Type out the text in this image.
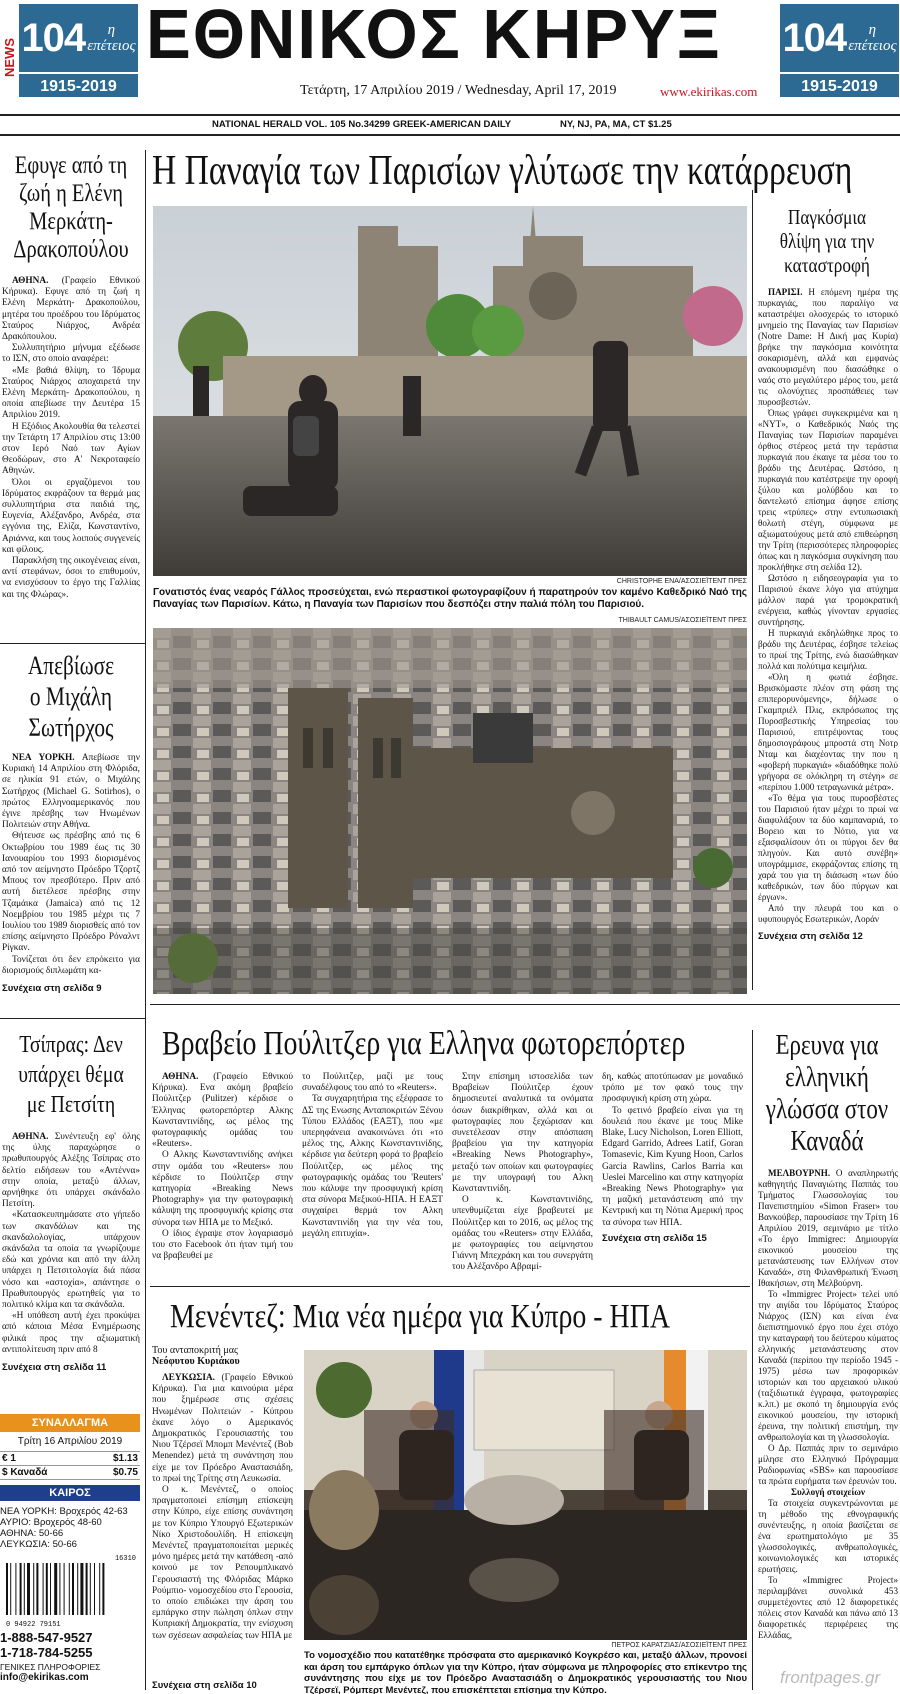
NEWS 104 η
επέτειος
1915-2019
ΕΘΝΙΚΟΣ ΚΗΡΥΞ	104 η
επέτειος
1915-2019
Τετάρτη, 17 Απριλίου 2019 / Wednesday, April 17, 2019	www.ekirikas.com
NATIONAL HERALD VOL. 105 No.34299 GREEK-AMERICAN DAILY	NY, NJ, PA, MA, CT $1.25
Εφυγε από τη ζωή η Ελένη Μερκάτη-Δρακοπούλου

ΑΘΗΝΑ. (Γραφείο Εθνικού Κήρυκα). Εφυγε από τη ζωή η Ελένη Μερκάτη- Δρακοπούλου, μητέρα του προέδρου του Ιδρύματος Σταύρος Νιάρχος, Ανδρέα Δρακόπουλου.

Συλλυπητήριο μήνυμα εξέδωσε το ΙΣΝ, στο οποίο αναφέρει:

«Με βαθιά θλίψη, το Ίδρυμα Σταύρος Νιάρχος αποχαιρετά την Ελένη Μερκάτη- Δρακοπούλου, η οποία απεβίωσε την Δευτέρα 15 Απριλίου 2019.

Η Εξόδιος Ακολουθία θα τελεστεί την Τετάρτη 17 Απριλίου στις 13:00 στον Ιερό Ναό των Αγίων Θεοδώρων, στο Α' Νεκροταφείο Αθηνών.

Όλοι οι εργαζόμενοι του Ιδρύματος εκφράζουν τα θερμά μας συλλυπητήρια στα παιδιά της, Ευγενία, Αλέξανδρο, Ανδρέα, στα εγγόνια της, Ελίζα, Κωνσταντίνο, Αριάννα, και τους λοιπούς συγγενείς και φίλους.

Παρακλήση της οικογένειας είναι, αντί στεφάνων, όσοι το επιθυμούν, να ενισχύσουν το έργο της Γαλλίας και της Φλώρας».

Απεβίωσε ο Μιχάλη Σωτήρχος

ΝΕΑ ΥΟΡΚΗ. Απεβίωσε την Κυριακή 14 Απριλίου στη Φλόριδα, σε ηλικία 91 ετών, ο Μιχάλης Σωτήρχος (Michael G. Sotirhos), ο πρώτος Ελληνοαμερικανός που έγινε πρέσβης των Ηνωμένων Πολιτειών στην Αθήνα.

Θήτευσε ως πρέσβης από τις 6 Οκτωβρίου του 1989 έως τις 30 Ιανουαρίου του 1993 διορισμένος από τον αείμνηστο Πρόεδρο Τζορτζ Μπους τον πρεσβύτερο. Πριν από αυτή διετέλεσε πρέσβης στην Τζαμάικα (Jamaica) από τις 12 Νοεμβρίου του 1985 μέχρι τις 7 Ιουλίου του 1989 διορισθείς από τον επίσης αείμνηστο Πρόεδρο Ρόναλντ Ρίγκαν.

Τονίζεται ότι δεν επρόκειτο για διορισμούς διπλωμάτη κα-

Συνέχεια στη σελίδα 9
Τσίπρας: Δεν υπάρχει θέμα με Πετσίτη

ΑΘΗΝΑ. Συνέντευξη εφ' όλης της ύλης παραχώρησε ο πρωθυπουργός Αλέξης Τσίπρας στο δελτίο ειδήσεων του «Αντέννα» στην οποία, μεταξύ άλλων, αρνήθηκε ότι υπάρχει σκάνδαλο Πετσίτη.

«Κατασκευπημάσατε στο γήπεδο των σκανδάλων και της σκανδαλολογίας, υπάρχουν σκάνδαλα τα οποία τα γνωρίζουμε εδώ και χρόνια και από την άλλη υπάρχει η Πετσιτολογία διά πάσα νόσο και «αστοχία», απάντησε ο Πρωθυπουργός ερωτηθείς για το πολιτικό κλίμα και τα σκάνδαλα.

«Η υπόθεση αυτή έχει προκύψει από κάποια Μέσα Ενημέρωσης φιλικά προς την αξιωματική αντιπολίτευση πριν από 8

Συνέχεια στη σελίδα 11
ΣΥΝΑΛΛΑΓΜΑ
Τρίτη 16 Απριλίου 2019
€ 1	$1.13
$ Καναδά	$0.75
ΚΑΙΡΟΣ
ΝΕΑ ΥΟΡΚΗ: Βροχερός 42-63
ΑΥΡΙΟ: Βροχερός 48-60
ΑΘΗΝΑ: 50-66
ΛΕΥΚΩΣΙΑ: 50-66
16310
0 94922 79151
1-888-547-9527
1-718-784-5255
ΓΕΝΙΚΕΣ ΠΛΗΡΟΦΟΡΙΕΣ
info@ekirikas.com
Η Παναγία των Παρισίων γλύτωσε την κατάρρευση
CHRISTOPHE ENA/ΑΣΟΣΙΕΪΤΕΝΤ ΠΡΕΣ
Γονατιστός ένας νεαρός Γάλλος προσεύχεται, ενώ περαστικοί φωτογραφίζουν ή παρατηρούν τον καμένο Καθεδρικό Ναό της Παναγίας των Παρισίων. Κάτω, η Παναγία των Παρισίων που δεσπόζει στην παλιά πόλη του Παρισιού.
THIBAULT CAMUS/ΑΣΟΣΙΕΪΤΕΝΤ ΠΡΕΣ
Παγκόσμια θλίψη για την καταστροφή

ΠΑΡΙΣΙ. Η επόμενη ημέρα της πυρκαγιάς, που παραλίγο να καταστρέψει ολοσχερώς το ιστορικό μνημείο της Παναγίας των Παρισίων (Notre Dame: Η Δική μας Κυρία) βρήκε την παγκόσμια κοινότητα σοκαρισμένη, αλλά και εμφανώς ανακουφισμένη που διασώθηκε ο ναός στο μεγαλύτερο μέρος του, μετά τις ολονύχτιες προσπάθειες των πυροσβεστών.

Όπως γράφει συγκεκριμένα και η «ΝΥΤ», ο Καθεδρικός Ναός της Παναγίας των Παρισίων παραμένει όρθιος στέρεος μετά την τεράστια πυρκαγιά που έκαιγε τα μέσα του το βράδυ της Δευτέρας. Ωστόσο, η πυρκαγιά που κατέστρεψε την οροφή ξύλου και μολύβδου και το δαντελωτό επίσημα άφησε επίσης τρεις «τρύπες» στην εντυπωσιακή θολωτή στέγη, σύμφωνα με αξιωματούχους μετά από επιθεώρηση την Τρίτη (περισσότερες πληροφορίες όπως και η παγκόσμια συγκίνηση που προκλήθηκε στη σελίδα 12).

Ωστόσο η ειδησεογραφία για το Παρισιού έκανε λόγο για ατύχημα μάλλον παρά για τρομοκρατική ενέργεια, καθώς γίνονταν εργασίες συντήρησης.

Η πυρκαγιά εκδηλώθηκε προς το βράδυ της Δευτέρας, έσβησε τελείως το πρωί της Τρίτης, ενώ διασώθηκαν πολλά και πολύτιμα κειμήλια.

«Όλη η φωτιά έσβησε. Βρισκόμαστε πλέον στη φάση της επιπερορυνόμενης», δήλωσε ο Γκαμπριέλ Πλις, εκπρόσωπος της Πυροσβεστικής Υπηρεσίας του Παρισιού, επιτρέψοντας τους δημοσιογράφους μπροστά στη Νοτρ Νταμ και διαχέοντας την που η «φοβερή πυρκαγιά» «διαδόθηκε πολύ γρήγορα σε ολόκληρη τη στέγη» σε «περίπου 1.000 τετραγωνικά μέτρα».

«Το θέμα για τους πυροσβέστες του Παρισιού ήταν μέχρι το πρωί να διαφυλάξουν τα δύο καμπαναριά, το Βορειο και το Νότιο, για να εξασφαλίσουν ότι οι πύργοι δεν θα πληγούν. Και αυτό συνέβη» υπογράμμισε, εκφράζοντας επίσης τη χαρά του για τη διάσωση «των δύο καθεδρικών, των δύο πύργων και έργων».

Από την πλευρά του και ο υφυπουργός Εσωτερικών, Λοράν

Συνέχεια στη σελίδα 12
Βραβείο Πούλιτζερ για Ελληνα φωτορεπόρτερ

ΑΘΗΝΑ. (Γραφείο Εθνικού Κήρυκα). Ενα ακόμη βραβείο Πούλιτζερ (Pulitzer) κέρδισε ο Έλληνας φωτορεπόρτερ Αλκης Κωνσταντινίδης, ως μέλος της φωτογραφικής ομάδας του «Reuters».

Ο Αλκης Κωνσταντινίδης ανήκει στην ομάδα του «Reuters» που κέρδισε το Πούλιτζερ στην κατηγορία «Breaking News Photography» για την φωτογραφική κάλυψη της προσφυγικής κρίσης στα σύνορα των ΗΠΑ με το Μεξικό.

Ο ίδιος έγραψε στον λογαριασμό του στο Facebook ότι ήταν τιμή του να βραβευθεί με

το Πούλιτζερ, μαζί με τους συναδέλφους του από το «Reuters».

Τα συγχαρητήρια της εξέφρασε το ΔΣ της Ενωσης Ανταποκριτών Ξένου Τύπου Ελλάδος (ΕΑΞΤ), που «με υπερηφάνεια ανακοινώνει ότι «το μέλος της, Αλκης Κωνσταντινίδης, κέρδισε για δεύτερη φορά το βραβείο Πούλιτζερ, ως μέλος της φωτογραφικής ομάδας του 'Reuters' που κάλυψε την προσφυγική κρίση στα σύνορα Μεξικού-ΗΠΑ. Η ΕΑΞΤ συγχαίρει θερμά τον Αλκη Κωνσταντινίδη για την νέα του, μεγάλη επιτυχία».

Στην επίσημη ιστοσελίδα των Βραβείων Πούλιτζερ έχουν δημοσιευτεί αναλυτικά τα ονόματα όσων διακρίθηκαν, αλλά και οι φωτογραφίες που ξεχώρισαν και συνετέλεσαν στην απόσπαση βραβείου για την κατηγορία «Breaking News Photography», μεταξύ των οποίων και φωτογραφίες με την υπογραφή του Αλκη Κωνσταντινίδη.

Ο κ. Κωνσταντινίδης, υπενθυμίζεται είχε βραβευτεί με Πούλιτζερ και το 2016, ως μέλος της ομάδας του «Reuters» στην Ελλάδα, με φωτογραφίες του αείμνηστου Γιάννη Μπεχράκη και του συνεργάτη του Αλέξανδρο Αβραμί-

δη, καθώς αποτύπωσαν με μοναδικό τρόπο με τον φακό τους την προσφυγική κρίση στη χώρα.

Το φετινό βραβείο είναι για τη δουλειά που έκανε με τους Mike Blake, Lucy Nicholson, Loren Elliott, Edgard Garrido, Adrees Latif, Goran Tomasevic, Kim Kyung Hoon, Carlos Garcia Rawlins, Carlos Barria και Ueslei Marcelino και στην κατηγορία «Breaking News Photography» για τη μαζική μετανάστευση από την Κεντρική και τη Νότια Αμερική προς τα σύνορα των ΗΠΑ.

Συνέχεια στη σελίδα 15
Μενέντεζ: Μια νέα ημέρα για Κύπρο - ΗΠΑ
Του ανταποκριτή μας
Νεόφυτου Κυριάκου

ΛΕΥΚΩΣΙΑ. (Γραφείο Εθνικού Κήρυκα). Για μια καινούρια μέρα που ξημέρωσε στις σχέσεις Ηνωμένων Πολιτειών - Κύπρου έκανε λόγο ο Αμερικανός Δημοκρατικός Γερουσιαστής του Νιου Τζέρσεϊ Μπομπ Μενέντεζ (Bob Menendez) μετά τη συνάντηση που είχε με τον Πρόεδρο Αναστασιάδη, το πρωί της Τρίτης στη Λευκωσία.

Ο κ. Μενέντεζ, ο οποίος πραγματοποιεί επίσημη επίσκεψη στην Κύπρο, είχε επίσης συνάντηση με τον Κύπριο Υπουργό Εξωτερικών Νίκο Χριστοδουλίδη. Η επίσκεψη Μενέντεζ πραγματοποιείται μερικές μόνο ημέρες μετά την κατάθεση -από κοινού με τον Ρεπουμπλικανό Γερουσιαστή της Φλόριδας Μάρκο Ρούμπιο- νομοσχεδίου στο Γερουσία, το οποίο επιδιώκει την άρση του εμπάργκο στην πώληση όπλων στην Κυπριακή Δημοκρατία, την ενίσχυση των σχέσεων ασφαλείας των ΗΠΑ με

Συνέχεια στη σελίδα 10
ΠΕΤΡΟΣ ΚΑΡΑΤΖΙΑΣ/ΑΣΟΣΙΕΪΤΕΝΤ ΠΡΕΣ
Το νομοσχέδιο που κατατέθηκε πρόσφατα στο αμερικανικό Κογκρέσο και, μεταξύ άλλων, προνοεί και άρση του εμπάργκο όπλων για την Κύπρο, ήταν σύμφωνα με πληροφορίες στο επίκεντρο της συνάντησης που είχε με τον Πρόεδρο Αναστασιάδη ο Δημοκρατικός γερουσιαστής του Νιου Τζέρσεϊ, Ρόμπερτ Μενέντεζ, που επισκέπτεται επίσημα την Κύπρο.
Ερευνα για ελληνική γλώσσα στον Καναδά

ΜΕΛΒΟΥΡΝΗ. Ο αναπληρωτής καθηγητής Παναγιώτης Παππάς του Τμήματος Γλωσσολογίας του Πανεπιστημίου «Simon Fraser» του Βανκούβερ, παρουσίασε την Τρίτη 16 Απριλίου 2019, σεμινάριο με τίτλο «Το έργο Immigrec: Δημιουργία εικονικού μουσείου της μετανάστευσης των Ελλήνων στον Καναδά», στη Φιλανθρωπική Ένωση Ιθακήσιων, στη Μελβούρνη.

Το «Immigrec Project» τελεί υπό την αιγίδα του Ιδρύματος Σταύρος Νιάρχος (ΙΣΝ) και είναι ένα διεπιστημονικό έργο που έχει στόχο την καταγραφή του δεύτερου κύματος ελληνικής μετανάστευσης στον Καναδά (περίπου την περίοδο 1945 - 1975) μέσω των προφορικών ιστοριών και του αρχειακού υλικού (ταξιδιωτικά έγγραφα, φωτογραφίες κ.λπ.) με σκοπό τη δημιουργία ενός εικονικού μουσείου, την ιστορική έρευνα, την πολιτική επιστήμη, την ανθρωπολογία και τη γλωσσολογία.

Ο Δρ. Παππάς πριν το σεμινάριο μίλησε στο Ελληνικό Πρόγραμμα Ραδιοφωνίας «SBS» και παρουσίασε τα πρώτα ευρήματα των έρευνών του.

Συλλογή στοιχείων

Τα στοιχεία συγκεντρώνονται με τη μέθοδο της εθνογραφικής συνέντευξης, η οποία βασίζεται σε ένα ερωτηματολόγιο με 35 γλωσσολογικές, ανθρωπολογικές, κοινωνιολογικές και ιστορικές ερωτήσεις.

Το «Immigrec Project» περιλαμβάνει συνολικά 453 συμμετέχοντες από 12 διαφορετικές πόλεις στον Καναδά και πάνω από 13 διαφορετικές περιφέρειες της Ελλάδας,

frontpages.gr
